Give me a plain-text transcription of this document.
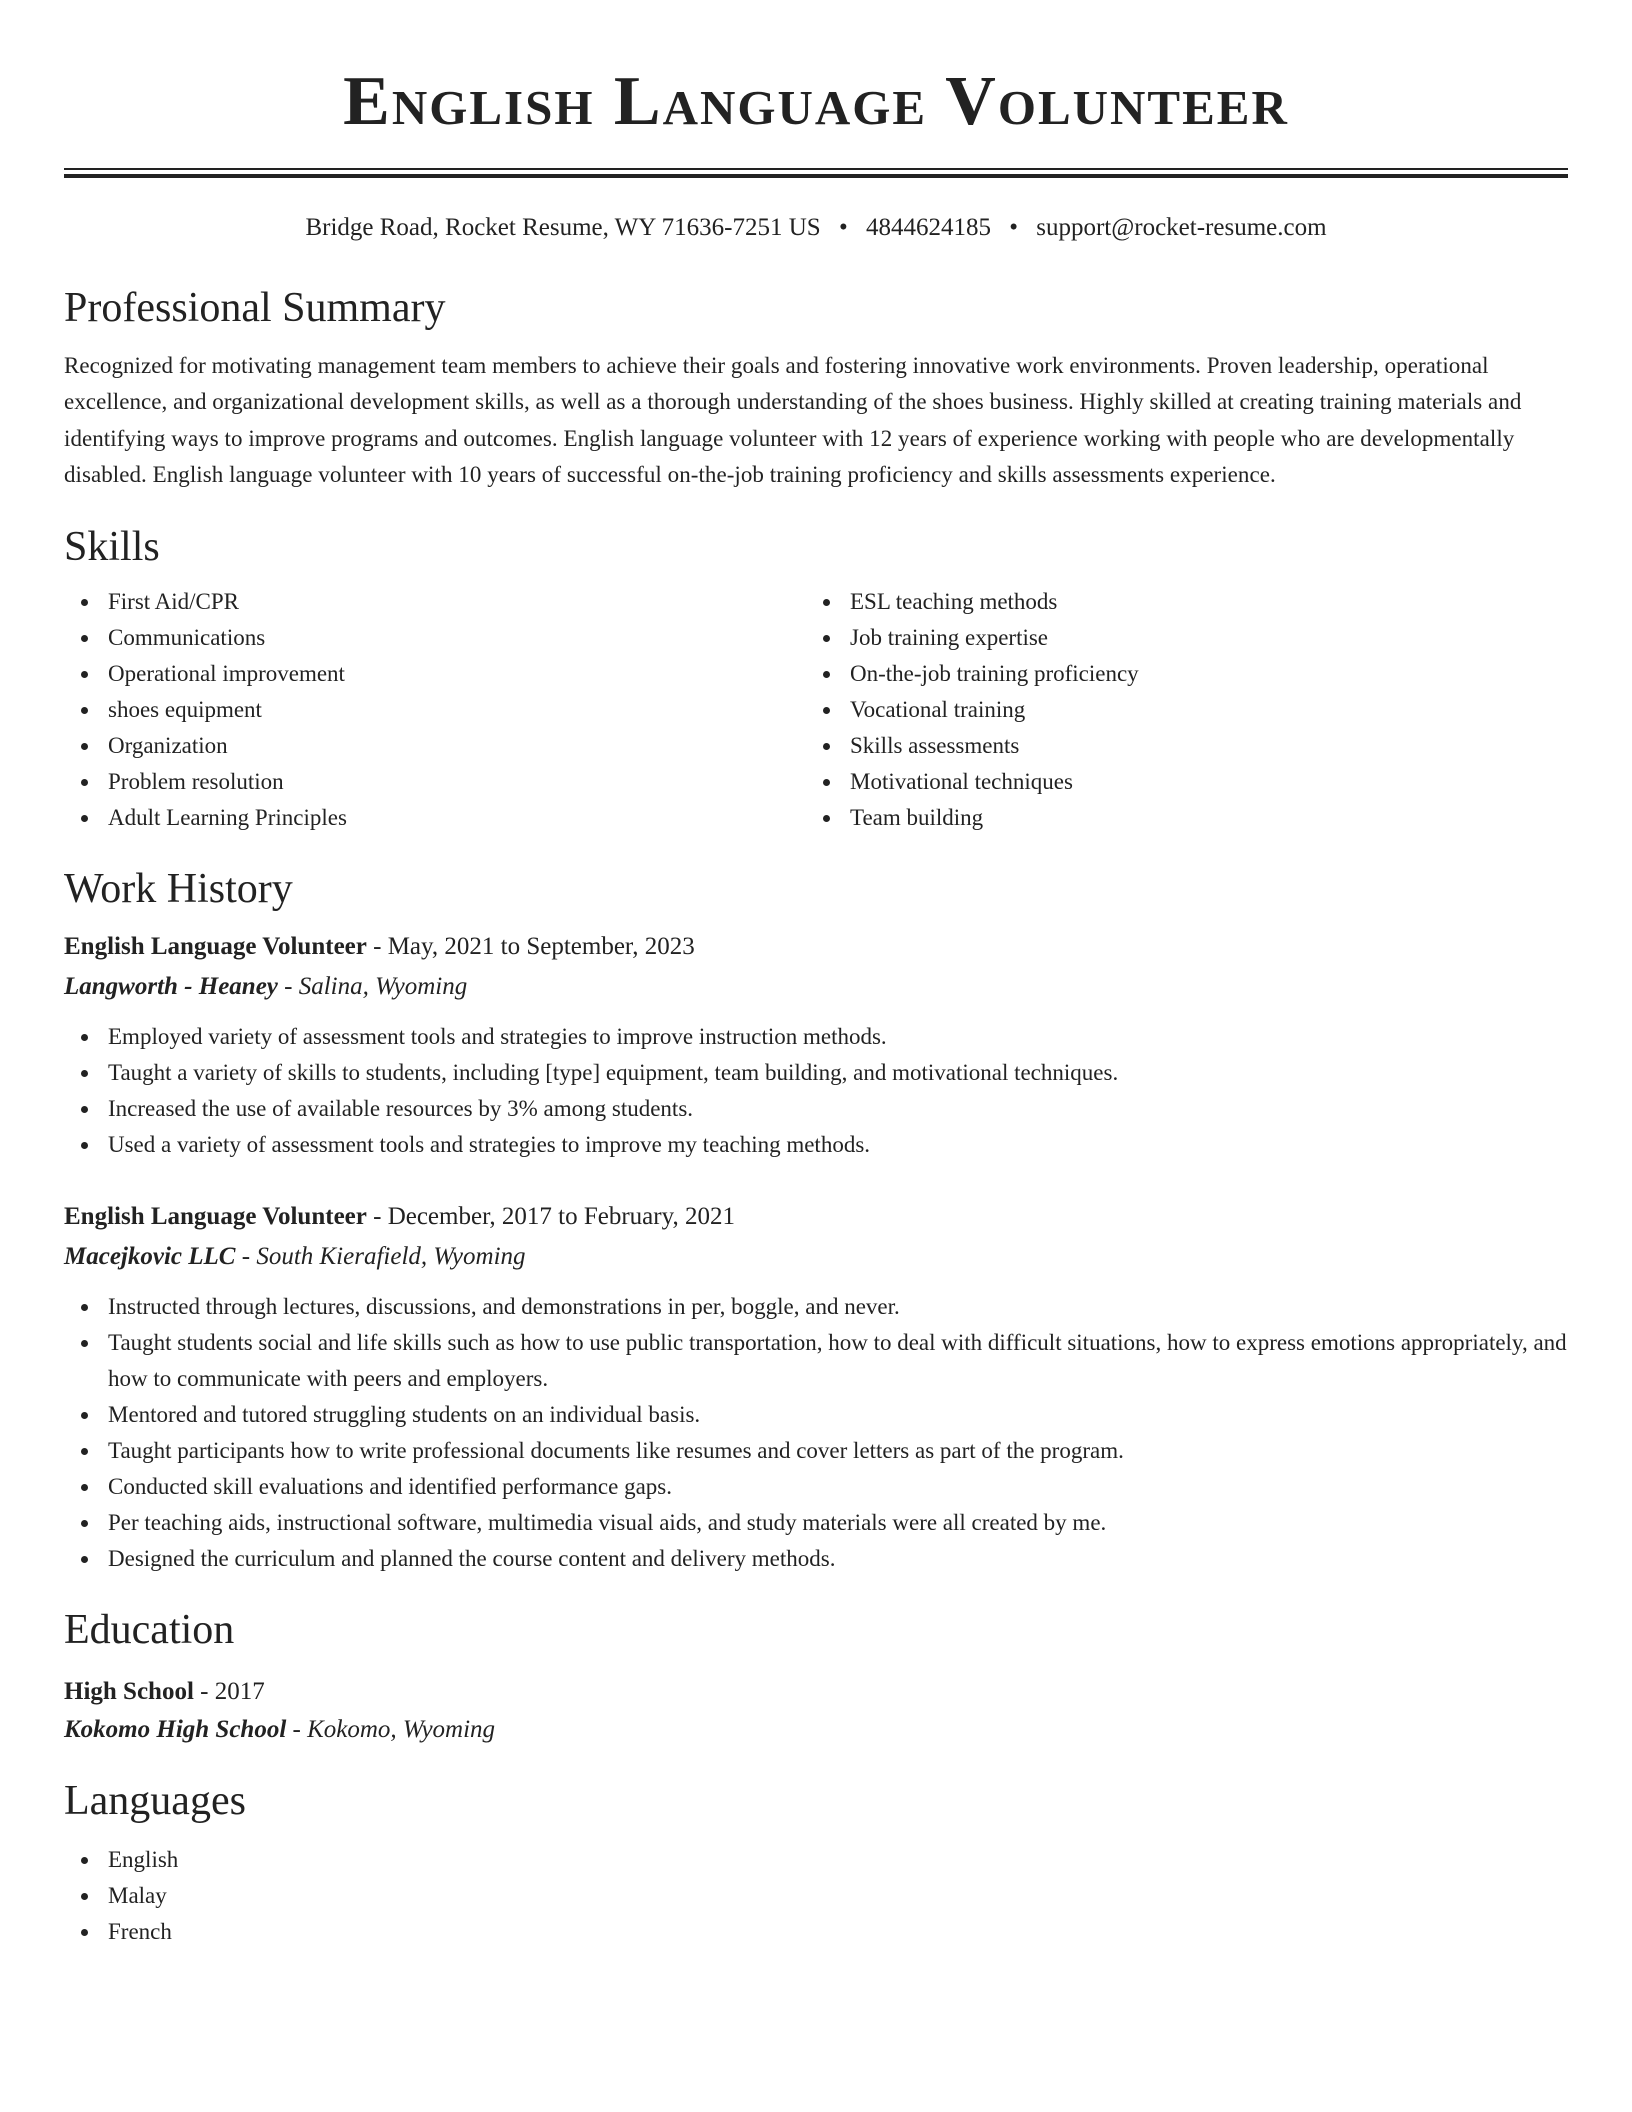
English Language Volunteer
Bridge Road, Rocket Resume, WY 71636-7251 US • 4844624185 • support@rocket-resume.com
Professional Summary

Recognized for motivating management team members to achieve their goals and fostering innovative work environments. Proven leadership, operational excellence, and organizational development skills, as well as a thorough understanding of the shoes business. Highly skilled at creating training materials and identifying ways to improve programs and outcomes. English language volunteer with 12 years of experience working with people who are developmentally disabled. English language volunteer with 10 years of successful on-the-job training proficiency and skills assessments experience.

Skills
First Aid/CPR
Communications
Operational improvement
shoes equipment
Organization
Problem resolution
Adult Learning Principles
ESL teaching methods
Job training expertise
On-the-job training proficiency
Vocational training
Skills assessments
Motivational techniques
Team building
Work History
English Language Volunteer - May, 2021 to September, 2023
Langworth - Heaney - Salina, Wyoming
Employed variety of assessment tools and strategies to improve instruction methods.
Taught a variety of skills to students, including [type] equipment, team building, and motivational techniques.
Increased the use of available resources by 3% among students.
Used a variety of assessment tools and strategies to improve my teaching methods.
English Language Volunteer - December, 2017 to February, 2021
Macejkovic LLC - South Kierafield, Wyoming
Instructed through lectures, discussions, and demonstrations in per, boggle, and never.
Taught students social and life skills such as how to use public transportation, how to deal with difficult situations, how to express emotions appropriately, and how to communicate with peers and employers.
Mentored and tutored struggling students on an individual basis.
Taught participants how to write professional documents like resumes and cover letters as part of the program.
Conducted skill evaluations and identified performance gaps.
Per teaching aids, instructional software, multimedia visual aids, and study materials were all created by me.
Designed the curriculum and planned the course content and delivery methods.
Education
High School - 2017
Kokomo High School - Kokomo, Wyoming
Languages
English
Malay
French
